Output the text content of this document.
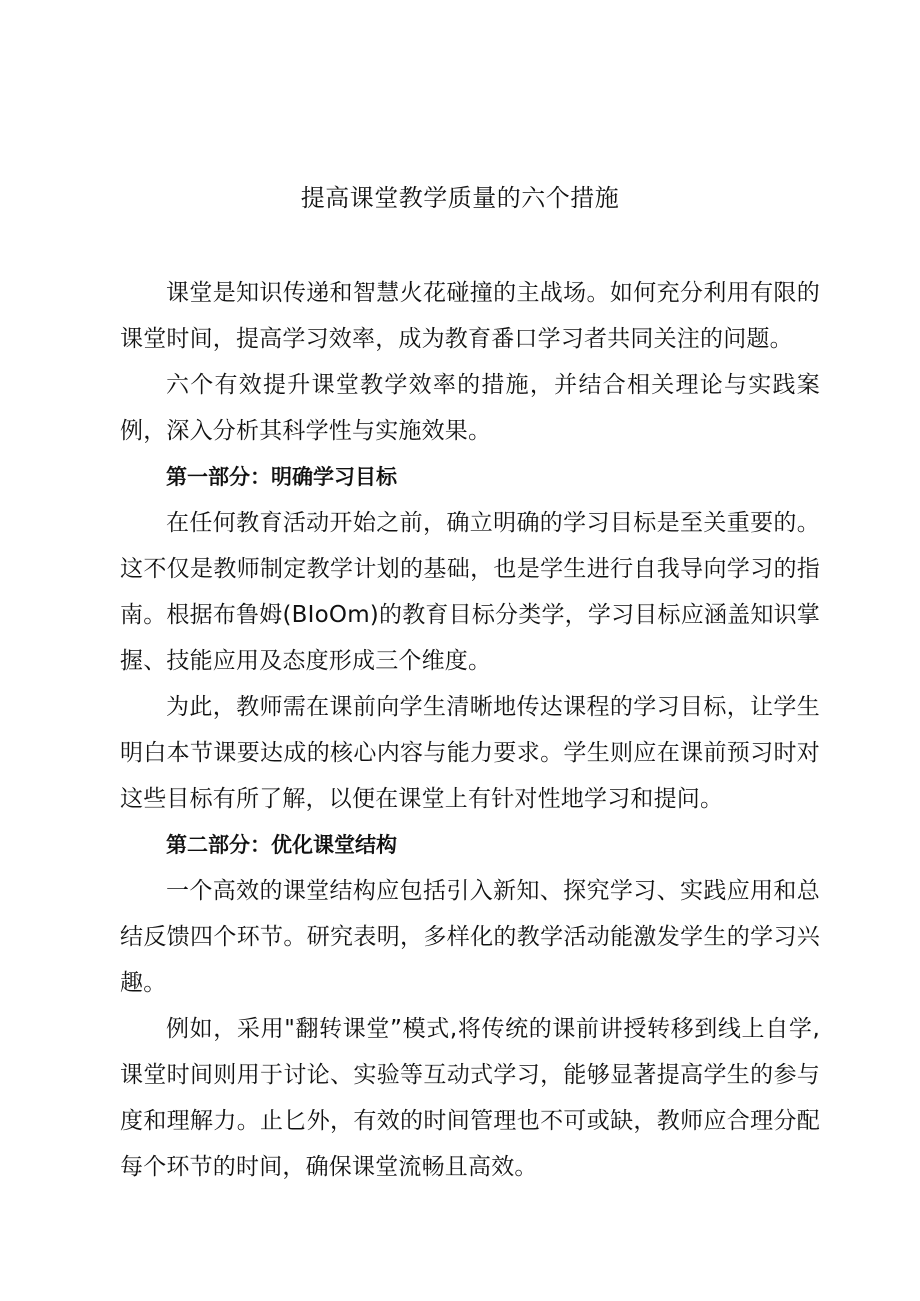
提高课堂教学质量的六个措施

课堂是知识传递和智慧火花碰撞的主战场。如何充分利用有限的课堂时间，提高学习效率，成为教育番口学习者共同关注的问题。

六个有效提升课堂教学效率的措施，并结合相关理论与实践案例，深入分析其科学性与实施效果。

第一部分：明确学习目标

在任何教育活动开始之前，确立明确的学习目标是至关重要的。这不仅是教师制定教学计划的基础，也是学生进行自我导向学习的指南。根据布鲁姆(BIoOm)的教育目标分类学，学习目标应涵盖知识掌握、技能应用及态度形成三个维度。

为此，教师需在课前向学生清晰地传达课程的学习目标，让学生明白本节课要达成的核心内容与能力要求。学生则应在课前预习时对这些目标有所了解，以便在课堂上有针对性地学习和提问。

第二部分：优化课堂结构

一个高效的课堂结构应包括引入新知、探究学习、实践应用和总结反馈四个环节。研究表明，多样化的教学活动能激发学生的学习兴趣。

例如，采用"翻转课堂”模式,将传统的课前讲授转移到线上自学,课堂时间则用于讨论、实验等互动式学习，能够显著提高学生的参与度和理解力。止匕外，有效的时间管理也不可或缺，教师应合理分配每个环节的时间，确保课堂流畅且高效。
